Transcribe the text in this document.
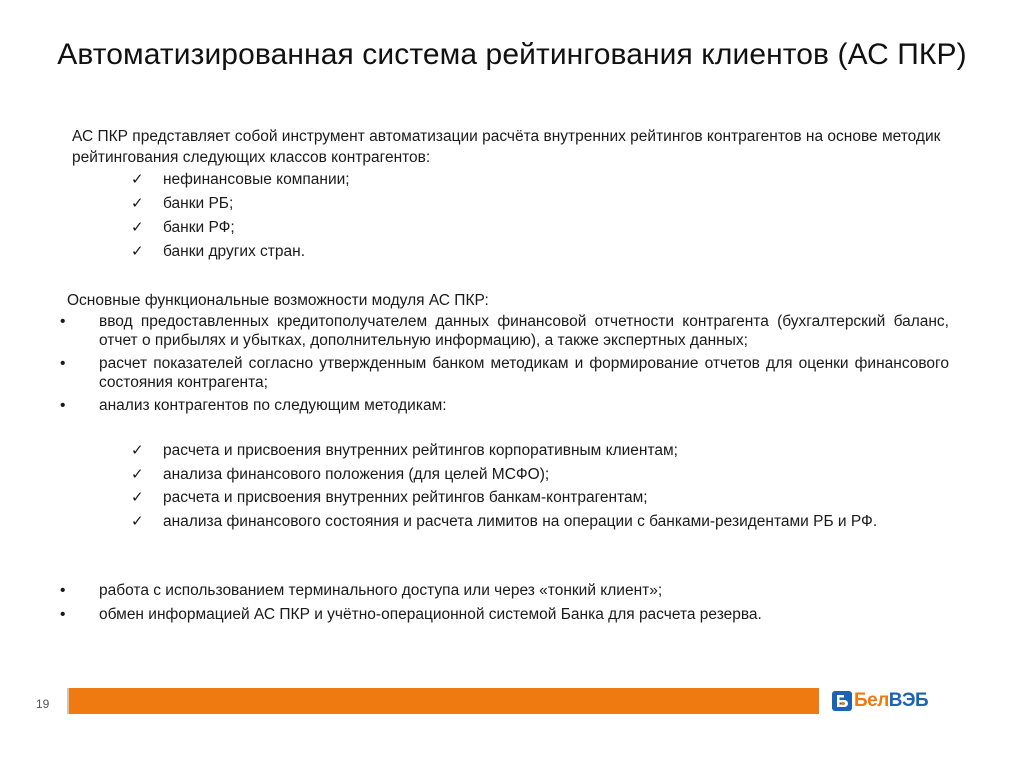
Автоматизированная система рейтингования клиентов (АС ПКР)
АС ПКР представляет собой инструмент автоматизации расчёта внутренних рейтингов контрагентов на основе методик рейтингования следующих классов контрагентов:
✓ нефинансовые компании;
✓ банки РБ;
✓ банки РФ;
✓ банки других стран.
Основные функциональные возможности модуля АС ПКР:
• ввод предоставленных кредитополучателем данных финансовой отчетности контрагента (бухгалтерский баланс, отчет о прибылях и убытках, дополнительную информацию), а также экспертных данных;
• расчет показателей согласно утвержденным банком методикам и формирование отчетов для оценки финансового состояния контрагента;
• анализ контрагентов по следующим методикам:
✓ расчета и присвоения внутренних рейтингов корпоративным клиентам;
✓ анализа финансового положения (для целей МСФО);
✓ расчета и присвоения внутренних рейтингов банкам-контрагентам;
✓ анализа финансового состояния и расчета лимитов на операции с банками-резидентами РБ и РФ.
• работа с использованием терминального доступа или через «тонкий клиент»;
• обмен информацией АС ПКР и учётно-операционной системой Банка для расчета резерва.
19	БелВЭБ
